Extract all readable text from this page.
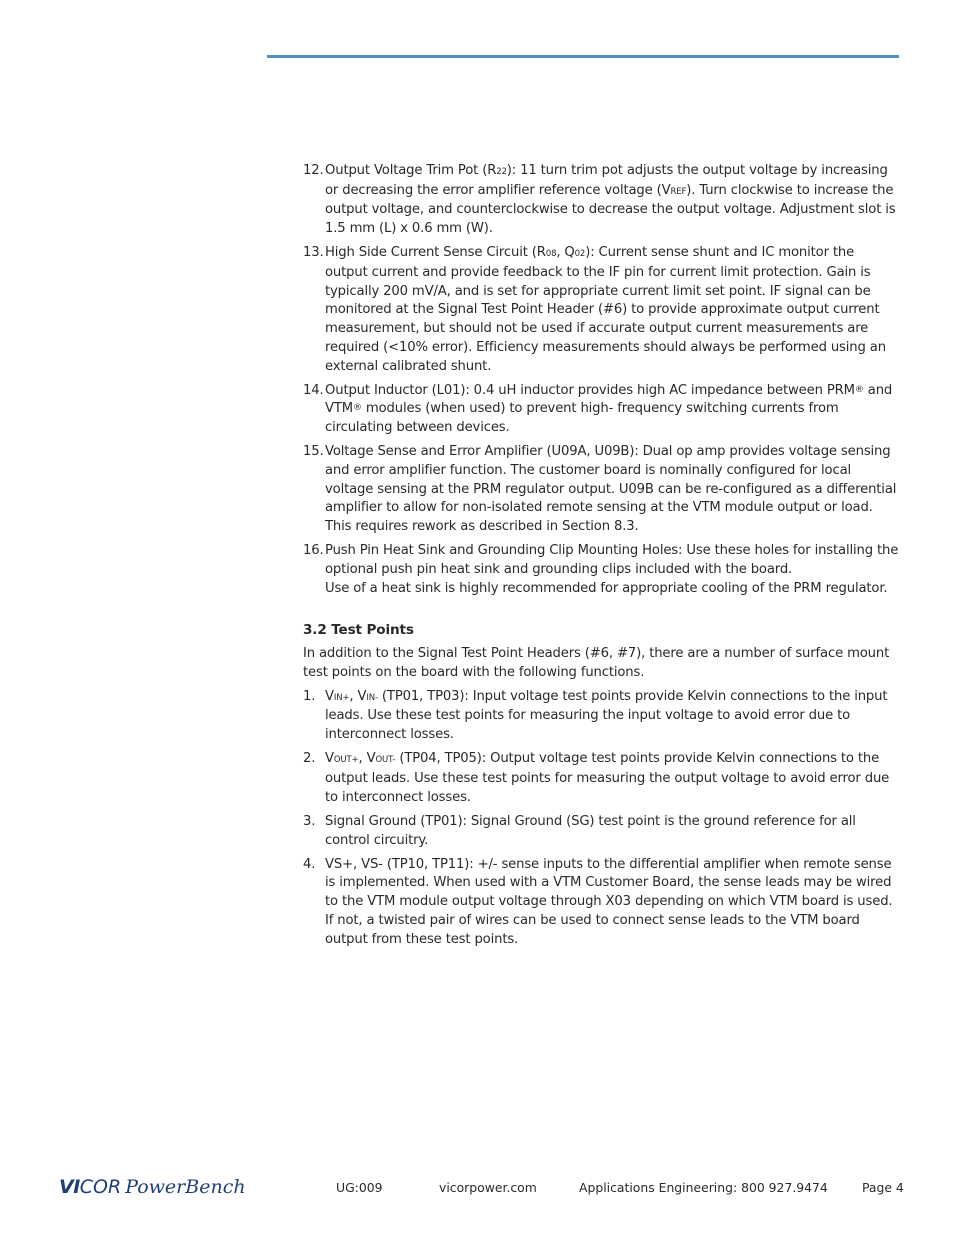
12. Output Voltage Trim Pot (R22): 11 turn trim pot adjusts the output voltage by increasing or decreasing the error amplifier reference voltage (VREF). Turn clockwise to increase the output voltage, and counterclockwise to decrease the output voltage. Adjustment slot is
1.5 mm (L) x 0.6 mm (W).
13. High Side Current Sense Circuit (R08, Q02): Current sense shunt and IC monitor the output current and provide feedback to the IF pin for current limit protection. Gain is typically 200 mV/A, and is set for appropriate current limit set point. IF signal can be monitored at the Signal Test Point Header (#6) to provide approximate output current measurement, but should not be used if accurate output current measurements are required (<10% error). Efficiency measurements should always be performed using an external calibrated shunt.
14. Output Inductor (L01): 0.4 uH inductor provides high AC impedance between PRM® and VTM® modules (when used) to prevent high- frequency switching currents from circulating between devices.
15. Voltage Sense and Error Amplifier (U09A, U09B): Dual op amp provides voltage sensing and error amplifier function. The customer board is nominally configured for local voltage sensing at the PRM regulator output. U09B can be re-configured as a differential amplifier to allow for non-isolated remote sensing at the VTM module output or load. This requires rework as described in Section 8.3.
16. Push Pin Heat Sink and Grounding Clip Mounting Holes: Use these holes for installing the optional push pin heat sink and grounding clips included with the board.
Use of a heat sink is highly recommended for appropriate cooling of the PRM regulator.
3.2 Test Points
In addition to the Signal Test Point Headers (#6, #7), there are a number of surface mount test points on the board with the following functions.
1. VIN+, VIN- (TP01, TP03): Input voltage test points provide Kelvin connections to the input leads. Use these test points for measuring the input voltage to avoid error due to interconnect losses.
2. VOUT+, VOUT- (TP04, TP05): Output voltage test points provide Kelvin connections to the output leads. Use these test points for measuring the output voltage to avoid error due to interconnect losses.
3. Signal Ground (TP01): Signal Ground (SG) test point is the ground reference for all control circuitry.
4. VS+, VS- (TP10, TP11): +/- sense inputs to the differential amplifier when remote sense is implemented. When used with a VTM Customer Board, the sense leads may be wired to the VTM module output voltage through X03 depending on which VTM board is used. If not, a twisted pair of wires can be used to connect sense leads to the VTM board output from these test points.
VICOR PowerBench	UG:009	vicorpower.com	Applications Engineering: 800 927.9474	Page 4
